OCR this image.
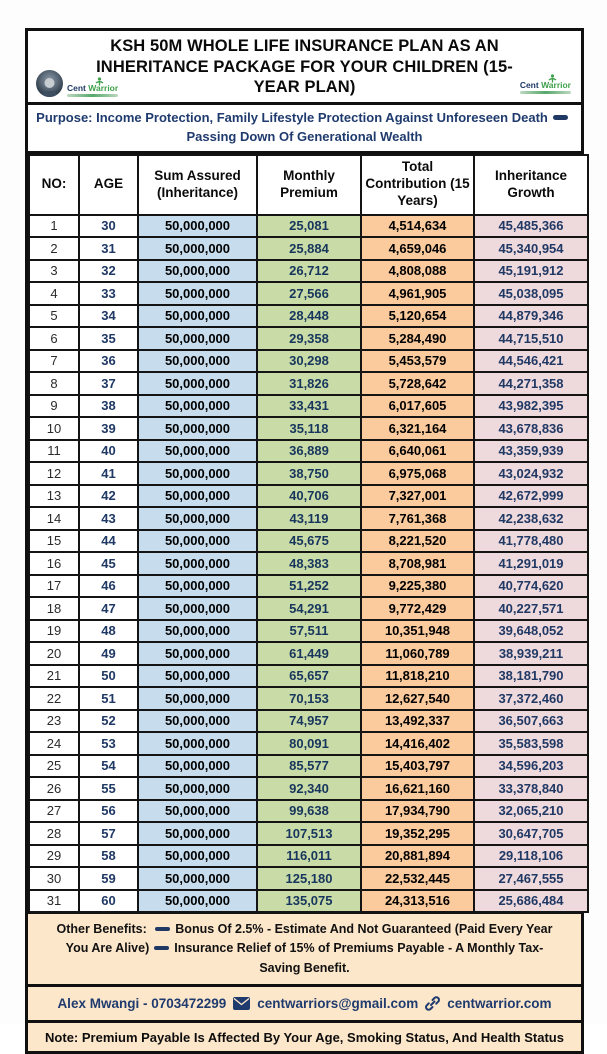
Cent Warrior
KSH 50M WHOLE LIFE INSURANCE PLAN AS AN INHERITANCE PACKAGE FOR YOUR CHILDREN (15-YEAR PLAN)	Cent Warrior
Purpose: Income Protection, Family Lifestyle Protection Against Unforeseen DeathPassing Down Of Generational Wealth
NO:	AGE	Sum Assured (Inheritance)	Monthly Premium	Total Contribution (15 Years)	Inheritance Growth
1	30	50,000,000	25,081	4,514,634	45,485,366
2	31	50,000,000	25,884	4,659,046	45,340,954
3	32	50,000,000	26,712	4,808,088	45,191,912
4	33	50,000,000	27,566	4,961,905	45,038,095
5	34	50,000,000	28,448	5,120,654	44,879,346
6	35	50,000,000	29,358	5,284,490	44,715,510
7	36	50,000,000	30,298	5,453,579	44,546,421
8	37	50,000,000	31,826	5,728,642	44,271,358
9	38	50,000,000	33,431	6,017,605	43,982,395
10	39	50,000,000	35,118	6,321,164	43,678,836
11	40	50,000,000	36,889	6,640,061	43,359,939
12	41	50,000,000	38,750	6,975,068	43,024,932
13	42	50,000,000	40,706	7,327,001	42,672,999
14	43	50,000,000	43,119	7,761,368	42,238,632
15	44	50,000,000	45,675	8,221,520	41,778,480
16	45	50,000,000	48,383	8,708,981	41,291,019
17	46	50,000,000	51,252	9,225,380	40,774,620
18	47	50,000,000	54,291	9,772,429	40,227,571
19	48	50,000,000	57,511	10,351,948	39,648,052
20	49	50,000,000	61,449	11,060,789	38,939,211
21	50	50,000,000	65,657	11,818,210	38,181,790
22	51	50,000,000	70,153	12,627,540	37,372,460
23	52	50,000,000	74,957	13,492,337	36,507,663
24	53	50,000,000	80,091	14,416,402	35,583,598
25	54	50,000,000	85,577	15,403,797	34,596,203
26	55	50,000,000	92,340	16,621,160	33,378,840
27	56	50,000,000	99,638	17,934,790	32,065,210
28	57	50,000,000	107,513	19,352,295	30,647,705
29	58	50,000,000	116,011	20,881,894	29,118,106
30	59	50,000,000	125,180	22,532,445	27,467,555
31	60	50,000,000	135,075	24,313,516	25,686,484
Other Benefits: Bonus Of 2.5% - Estimate And Not Guaranteed (Paid Every Year You Are Alive) Insurance Relief of 15% of Premiums Payable - A Monthly Tax-Saving Benefit.
Alex Mwangi - 0703472299 centwarriors@gmail.com centwarrior.com
Note: Premium Payable Is Affected By Your Age, Smoking Status, And Health Status
